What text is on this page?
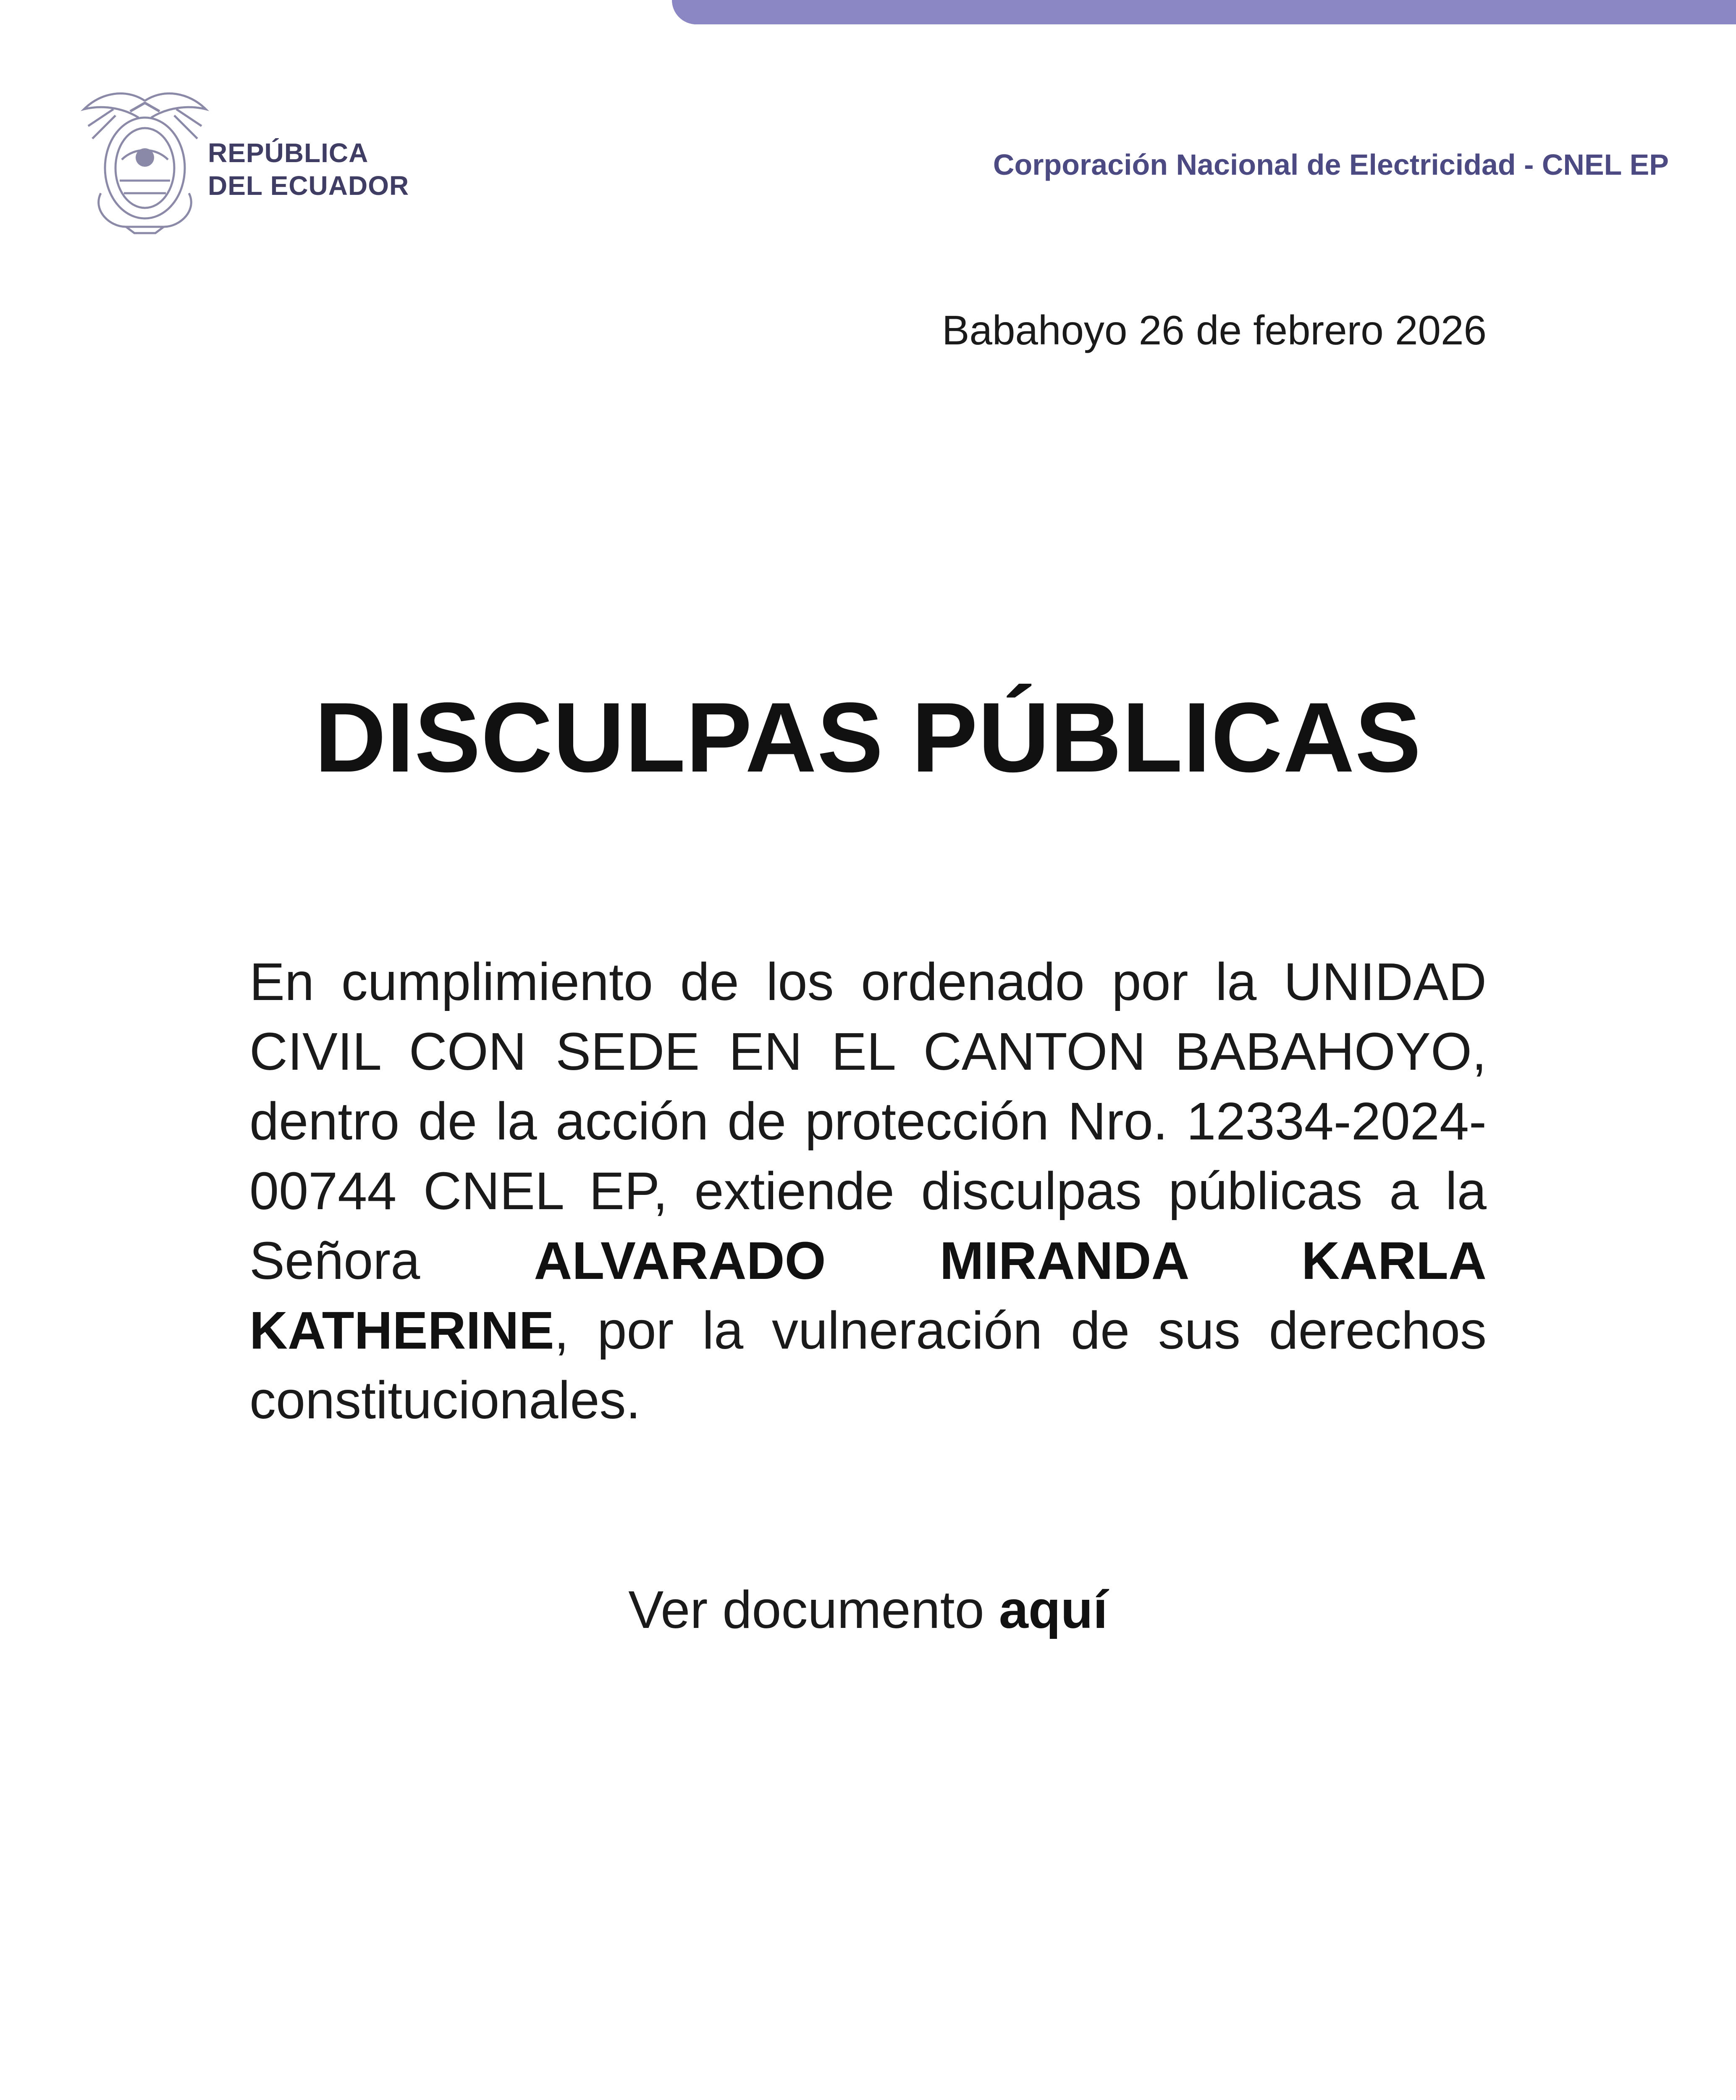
REPÚBLICA
DEL ECUADOR
Corporación Nacional de Electricidad - CNEL EP
Babahoyo 26 de febrero 2026
DISCULPAS PÚBLICAS
En cumplimiento de los ordenado por la UNIDAD CIVIL CON SEDE EN EL CANTON BABAHOYO, dentro de la acción de protección Nro. 12334-2024-00744 CNEL EP, extiende disculpas públicas a la Señora ALVARADO MIRANDA KARLA KATHERINE, por la vulneración de sus derechos constitucionales.
Ver documento aquí
